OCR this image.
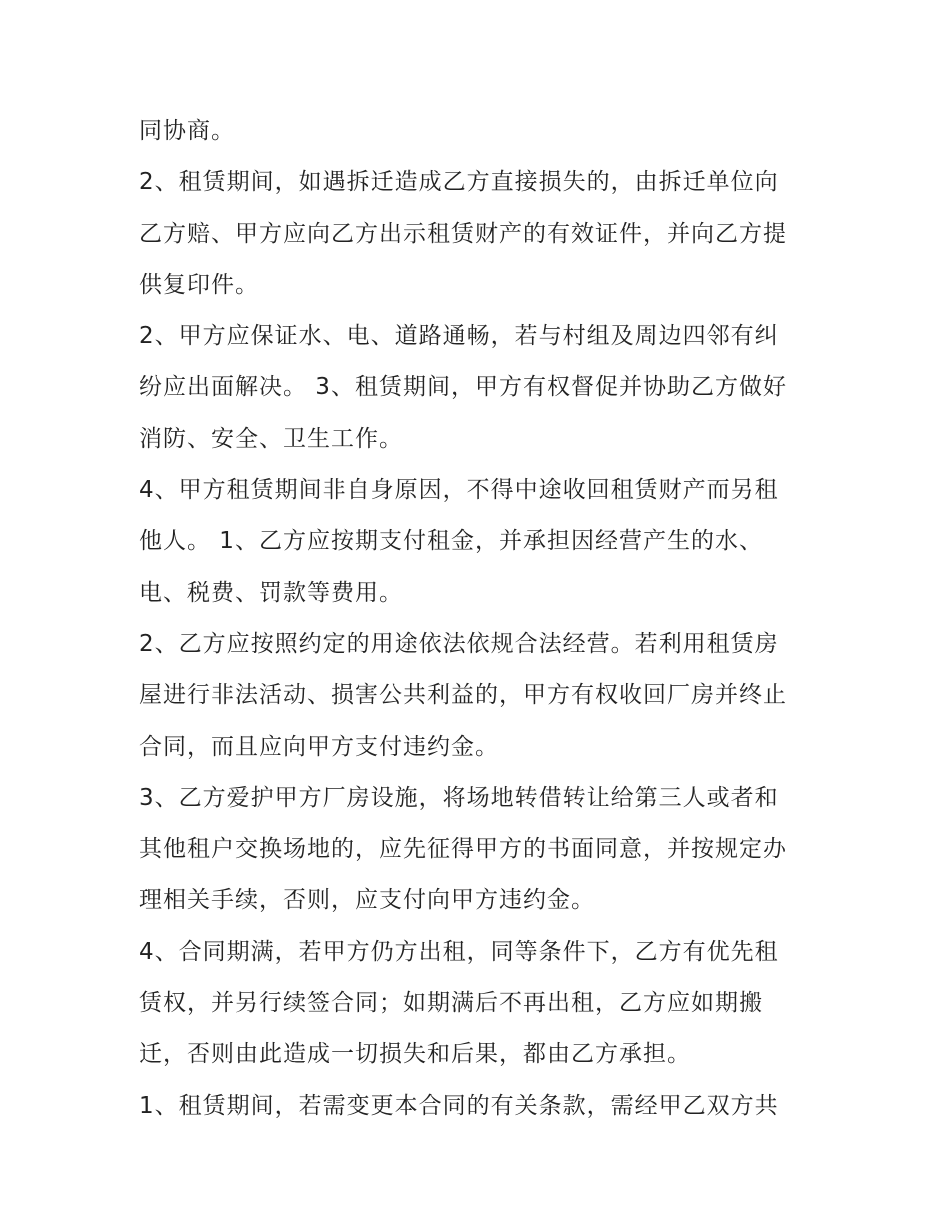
同协商。
2、租赁期间，如遇拆迁造成乙方直接损失的，由拆迁单位向
乙方赔、甲方应向乙方出示租赁财产的有效证件，并向乙方提
供复印件。
2、甲方应保证水、电、道路通畅，若与村组及周边四邻有纠
纷应出面解决。 3、租赁期间，甲方有权督促并协助乙方做好
消防、安全、卫生工作。
4、甲方租赁期间非自身原因，不得中途收回租赁财产而另租
他人。 1、乙方应按期支付租金，并承担因经营产生的水、
电、税费、罚款等费用。
2、乙方应按照约定的用途依法依规合法经营。若利用租赁房
屋进行非法活动、损害公共利益的，甲方有权收回厂房并终止
合同，而且应向甲方支付违约金。
3、乙方爱护甲方厂房设施，将场地转借转让给第三人或者和
其他租户交换场地的，应先征得甲方的书面同意，并按规定办
理相关手续，否则，应支付向甲方违约金。
4、合同期满，若甲方仍方出租，同等条件下，乙方有优先租
赁权，并另行续签合同；如期满后不再出租，乙方应如期搬
迁，否则由此造成一切损失和后果，都由乙方承担。
1、租赁期间，若需变更本合同的有关条款，需经甲乙双方共
